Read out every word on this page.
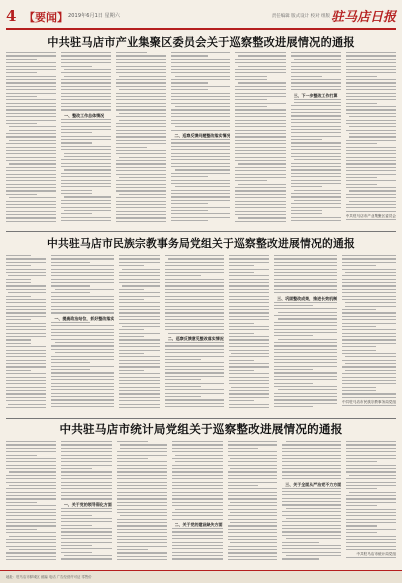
4 【要闻】 2019年6月1日 星期六	责任编辑 版式设计 校对 组版 驻马店日报
中共驻马店市产业集聚区委员会关于巡察整改进展情况的通报
一、整改工作总体情况
二、巡察反馈问题整改落实情况
三、下一步整改工作打算
中共驻马店市产业集聚区委员会
中共驻马店市民族宗教事务局党组关于巡察整改进展情况的通报
一、提高政治站位，抓好整改落实
二、巡察反馈意见整改落实情况
三、巩固整改成果，推进长效机制
中共驻马店市民族宗教事务局党组
中共驻马店市统计局党组关于巡察整改进展情况的通报
一、关于党的领导弱化方面
二、关于党的建设缺失方面
三、关于全面从严治党不力方面
中共驻马店市统计局党组
地址：驻马店市驿城区 邮编 电话 广告经营许可证 零售价
